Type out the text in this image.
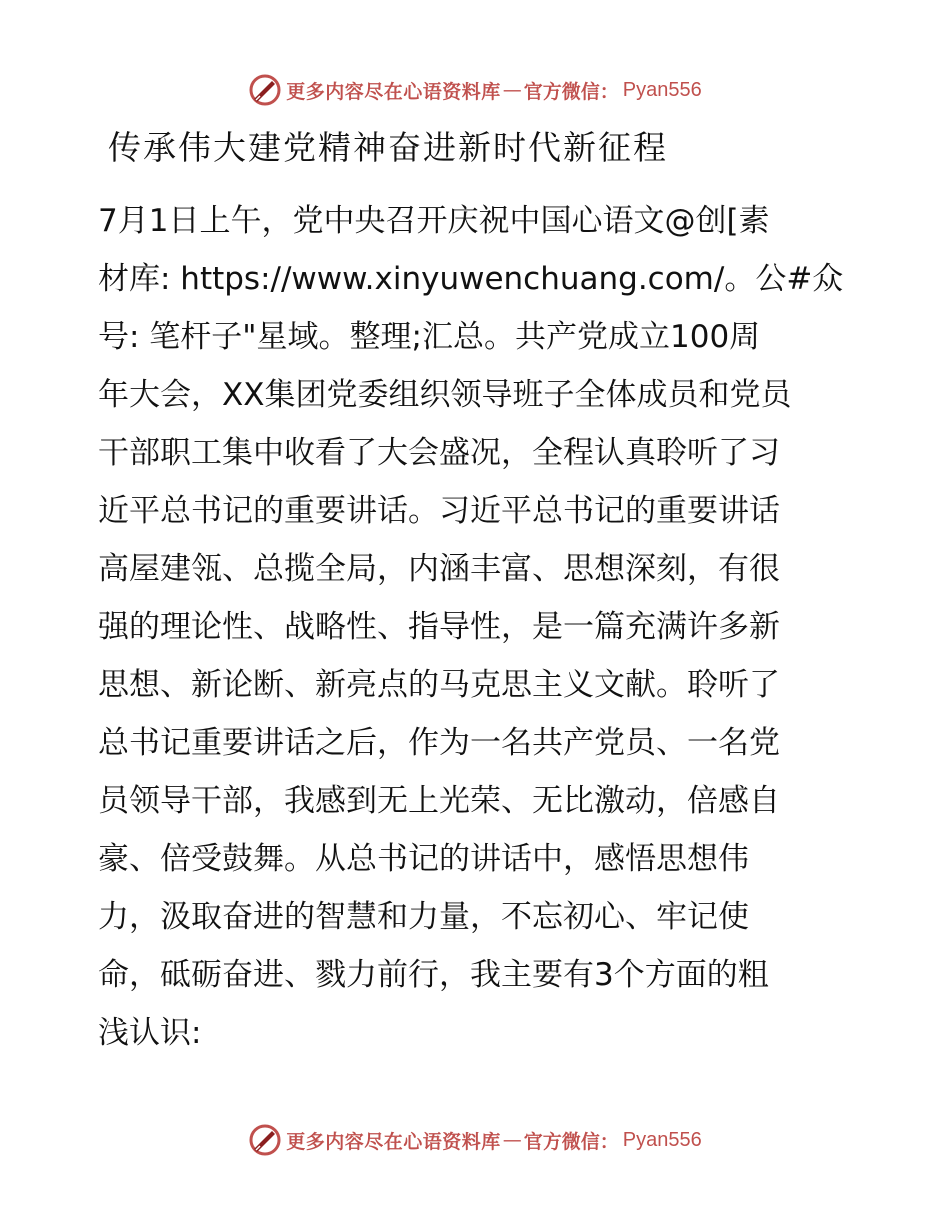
更多内容尽在心语资料库 — 官方微信： Pyan556
传承伟大建党精神奋进新时代新征程
7月1日上午，党中央召开庆祝中国心语文@创[素
材库: https://www.xinyuwenchuang.com/。公#众
号: 笔杆子"星域。整理;汇总。共产党成立100周
年大会，XX集团党委组织领导班子全体成员和党员
干部职工集中收看了大会盛况，全程认真聆听了习
近平总书记的重要讲话。习近平总书记的重要讲话
高屋建瓴、总揽全局，内涵丰富、思想深刻，有很
强的理论性、战略性、指导性，是一篇充满许多新
思想、新论断、新亮点的马克思主义文献。聆听了
总书记重要讲话之后，作为一名共产党员、一名党
员领导干部，我感到无上光荣、无比激动，倍感自
豪、倍受鼓舞。从总书记的讲话中，感悟思想伟
力，汲取奋进的智慧和力量，不忘初心、牢记使
命，砥砺奋进、戮力前行，我主要有3个方面的粗
浅认识:
更多内容尽在心语资料库 — 官方微信： Pyan556
